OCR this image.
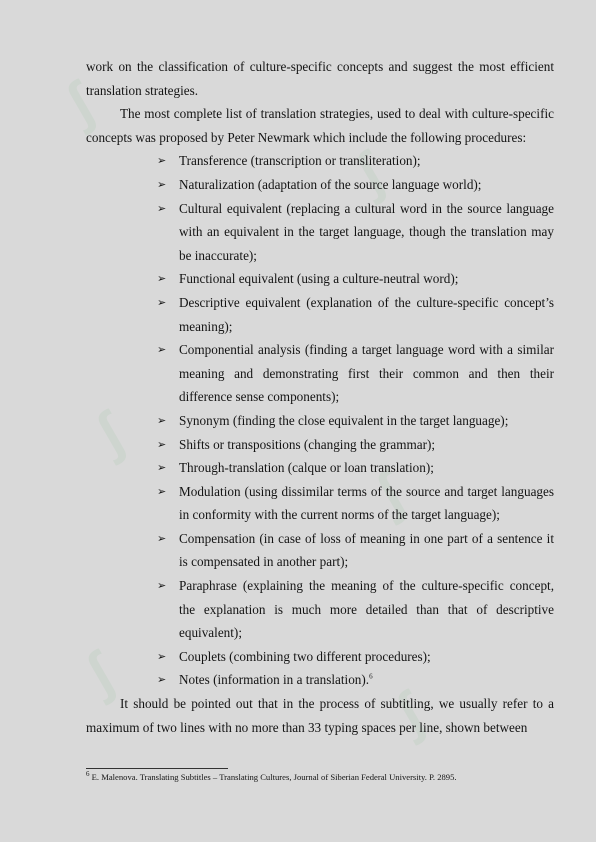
ʃ
ʃ
ʃ
ʃ
ʃ
ʃ

work on the classification of culture-specific concepts and suggest the most efficient translation strategies.

The most complete list of translation strategies, used to deal with culture-specific concepts was proposed by Peter Newmark which include the following procedures:

➢ Transference (transcription or transliteration);
➢ Naturalization (adaptation of the source language world);
➢ Cultural equivalent (replacing a cultural word in the source language with an equivalent in the target language, though the translation may be inaccurate);
➢ Functional equivalent (using a culture-neutral word);
➢ Descriptive equivalent (explanation of the culture-specific concept’s meaning);
➢ Componential analysis (finding a target language word with a similar meaning and demonstrating first their common and then their difference sense components);
➢ Synonym (finding the close equivalent in the target language);
➢ Shifts or transpositions (changing the grammar);
➢ Through-translation (calque or loan translation);
➢ Modulation (using dissimilar terms of the source and target languages in conformity with the current norms of the target language);
➢ Compensation (in case of loss of meaning in one part of a sentence it is compensated in another part);
➢ Paraphrase (explaining the meaning of the culture-specific concept, the explanation is much more detailed than that of descriptive equivalent);
➢ Couplets (combining two different procedures);
➢ Notes (information in a translation).$^6$

It should be pointed out that in the process of subtitling, we usually refer to a maximum of two lines with no more than 33 typing spaces per line, shown between

$^6$ E. Malenova. Translating Subtitles – Translating Cultures, Journal of Siberian Federal University. P. 2895.
